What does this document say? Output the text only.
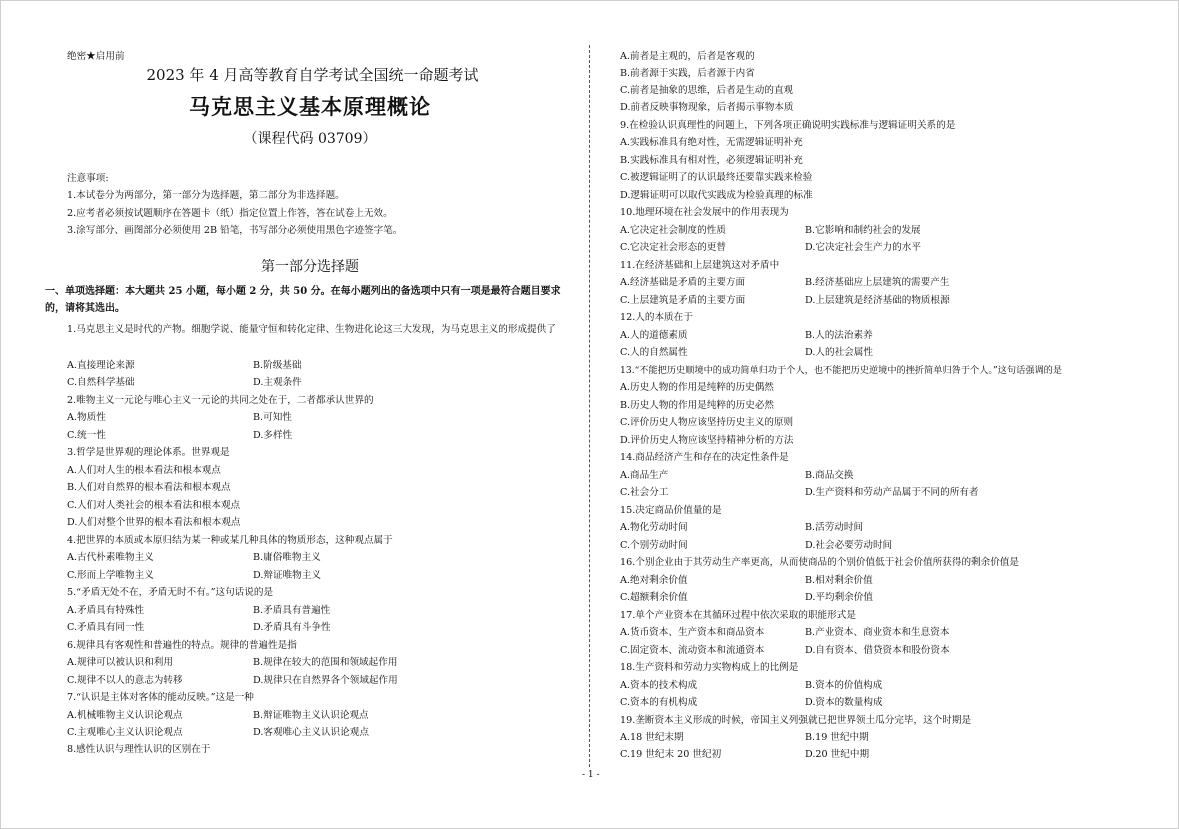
绝密★启用前
2023 年 4 月高等教育自学考试全国统一命题考试
马克思主义基本原理概论
（课程代码 03709）
注意事项:
1.本试卷分为两部分，第一部分为选择题，第二部分为非选择题。
2.应考者必须按试题顺序在答题卡（纸）指定位置上作答，答在试卷上无效。
3.涂写部分、画图部分必须使用 2B 铅笔，书写部分必须使用黑色字迹签字笔。
第一部分选择题
一、单项选择题：本大题共 25 小题，每小题 2 分，共 50 分。在每小题列出的备选项中只有一项是最符合题目要求的，请将其选出。
1.马克思主义是时代的产物。细胞学说、能量守恒和转化定律、生物进化论这三大发现，为马克思主义的形成提供了
A.直接理论来源	B.阶级基础
C.自然科学基础	D.主观条件
2.唯物主义一元论与唯心主义一元论的共同之处在于，二者都承认世界的
A.物质性	B.可知性
C.统一性	D.多样性
3.哲学是世界观的理论体系。世界观是
A.人们对人生的根本看法和根本观点
B.人们对自然界的根本看法和根本观点
C.人们对人类社会的根本看法和根本观点
D.人们对整个世界的根本看法和根本观点
4.把世界的本质或本原归结为某一种或某几种具体的物质形态，这种观点属于
A.古代朴素唯物主义	B.庸俗唯物主义
C.形而上学唯物主义	D.辩证唯物主义
5.“矛盾无处不在，矛盾无时不有。”这句话说的是
A.矛盾具有特殊性	B.矛盾具有普遍性
C.矛盾具有同一性	D.矛盾具有斗争性
6.规律具有客观性和普遍性的特点。规律的普遍性是指
A.规律可以被认识和利用	B.规律在较大的范围和领域起作用
C.规律不以人的意志为转移	D.规律只在自然界各个领域起作用
7.“认识是主体对客体的能动反映。”这是一种
A.机械唯物主义认识论观点	B.辩证唯物主义认识论观点
C.主观唯心主义认识论观点	D.客观唯心主义认识论观点
8.感性认识与理性认识的区别在于
A.前者是主观的，后者是客观的
B.前者源于实践，后者源于内省
C.前者是抽象的思维，后者是生动的直观
D.前者反映事物现象，后者揭示事物本质
9.在检验认识真理性的问题上，下列各项正确说明实践标准与逻辑证明关系的是
A.实践标准具有绝对性，无需逻辑证明补充
B.实践标准具有相对性，必须逻辑证明补充
C.被逻辑证明了的认识最终还要靠实践来检验
D.逻辑证明可以取代实践成为检验真理的标准
10.地理环境在社会发展中的作用表现为
A.它决定社会制度的性质	B.它影响和制约社会的发展
C.它决定社会形态的更替	D.它决定社会生产力的水平
11.在经济基础和上层建筑这对矛盾中
A.经济基础是矛盾的主要方面	B.经济基础应上层建筑的需要产生
C.上层建筑是矛盾的主要方面	D.上层建筑是经济基础的物质根源
12.人的本质在于
A.人的道德素质	B.人的法治素养
C.人的自然属性	D.人的社会属性
13.“不能把历史顺境中的成功简单归功于个人，也不能把历史逆境中的挫折简单归咎于个人。”这句话强调的是
A.历史人物的作用是纯粹的历史偶然
B.历史人物的作用是纯粹的历史必然
C.评价历史人物应该坚持历史主义的原则
D.评价历史人物应该坚持精神分析的方法
14.商品经济产生和存在的决定性条件是
A.商品生产	B.商品交换
C.社会分工	D.生产资料和劳动产品属于不同的所有者
15.决定商品价值量的是
A.物化劳动时间	B.活劳动时间
C.个别劳动时间	D.社会必要劳动时间
16.个别企业由于其劳动生产率更高，从而使商品的个别价值低于社会价值所获得的剩余价值是
A.绝对剩余价值	B.相对剩余价值
C.超额剩余价值	D.平均剩余价值
17.单个产业资本在其循环过程中依次采取的职能形式是
A.货币资本、生产资本和商品资本	B.产业资本、商业资本和生息资本
C.固定资本、流动资本和流通资本	D.自有资本、借贷资本和股份资本
18.生产资料和劳动力实物构成上的比例是
A.资本的技术构成	B.资本的价值构成
C.资本的有机构成	D.资本的数量构成
19.垄断资本主义形成的时候，帝国主义列强就已把世界领土瓜分完毕，这个时期是
A.18 世纪末期	B.19 世纪中期
C.19 世纪末 20 世纪初	D.20 世纪中期
- 1 -
